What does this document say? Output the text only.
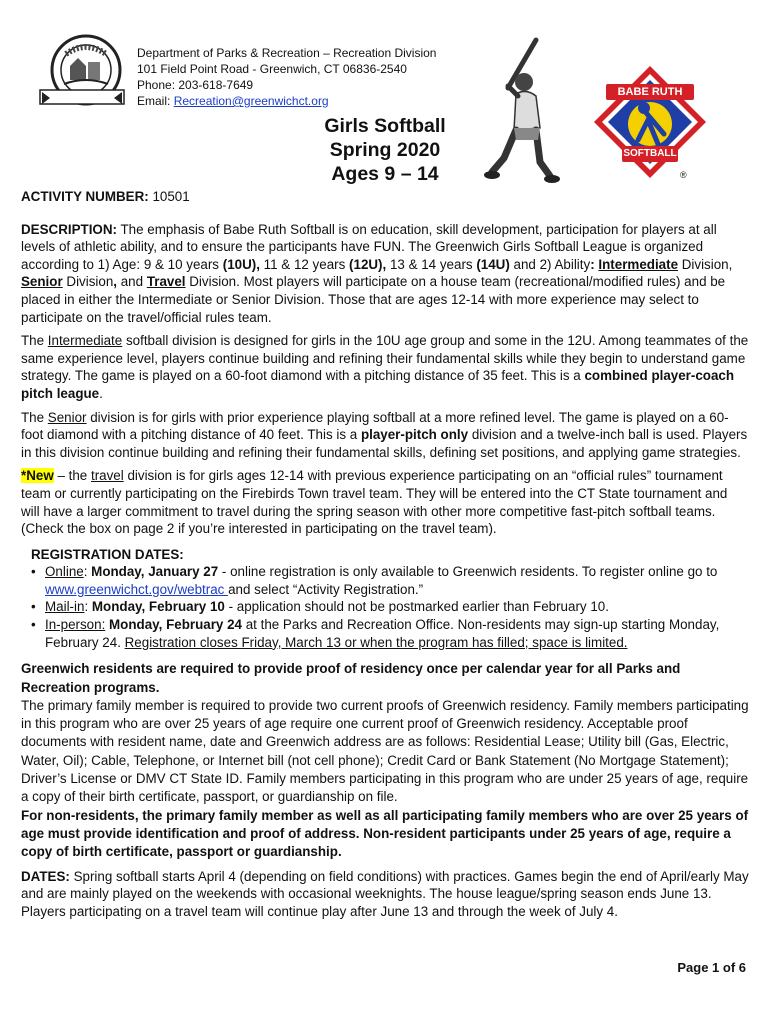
Department of Parks & Recreation – Recreation Division
101 Field Point Road - Greenwich, CT 06836-2540
Phone: 203-618-7649
Email: Recreation@greenwichct.org
Girls Softball
Spring 2020
Ages 9 – 14
BABE RUTH
SOFTBALL
®

ACTIVITY NUMBER: 10501

DESCRIPTION: The emphasis of Babe Ruth Softball is on education, skill development, participation for players at all levels of athletic ability, and to ensure the participants have FUN. The Greenwich Girls Softball League is organized according to 1) Age: 9 & 10 years (10U), 11 & 12 years (12U), 13 & 14 years (14U) and 2) Ability: Intermediate Division, Senior Division, and Travel Division. Most players will participate on a house team (recreational/modified rules) and be placed in either the Intermediate or Senior Division. Those that are ages 12-14 with more experience may select to participate on the travel/official rules team.

The Intermediate softball division is designed for girls in the 10U age group and some in the 12U. Among teammates of the same experience level, players continue building and refining their fundamental skills while they begin to understand game strategy. The game is played on a 60-foot diamond with a pitching distance of 35 feet. This is a combined player-coach pitch league.

The Senior division is for girls with prior experience playing softball at a more refined level. The game is played on a 60-foot diamond with a pitching distance of 40 feet. This is a player-pitch only division and a twelve-inch ball is used. Players in this division continue building and refining their fundamental skills, defining set positions, and applying game strategies.

*New – the travel division is for girls ages 12-14 with previous experience participating on an “official rules” tournament team or currently participating on the Firebirds Town travel team. They will be entered into the CT State tournament and will have a larger commitment to travel during the spring season with other more competitive fast-pitch softball teams. (Check the box on page 2 if you’re interested in participating on the travel team).

REGISTRATION DATES:
• Online: Monday, January 27 - online registration is only available to Greenwich residents. To register online go to www.greenwichct.gov/webtrac and select “Activity Registration.”
• Mail-in: Monday, February 10 - application should not be postmarked earlier than February 10.
• In-person: Monday, February 24 at the Parks and Recreation Office. Non-residents may sign-up starting Monday, February 24. Registration closes Friday, March 13 or when the program has filled; space is limited.

Greenwich residents are required to provide proof of residency once per calendar year for all Parks and Recreation programs.

The primary family member is required to provide two current proofs of Greenwich residency. Family members participating in this program who are over 25 years of age require one current proof of Greenwich residency. Acceptable proof documents with resident name, date and Greenwich address are as follows: Residential Lease; Utility bill (Gas, Electric, Water, Oil); Cable, Telephone, or Internet bill (not cell phone); Credit Card or Bank Statement (No Mortgage Statement); Driver’s License or DMV CT State ID. Family members participating in this program who are under 25 years of age, require a copy of their birth certificate, passport, or guardianship on file.

For non-residents, the primary family member as well as all participating family members who are over 25 years of age must provide identification and proof of address. Non-resident participants under 25 years of age, require a copy of birth certificate, passport or guardianship.

DATES: Spring softball starts April 4 (depending on field conditions) with practices. Games begin the end of April/early May and are mainly played on the weekends with occasional weeknights. The house league/spring season ends June 13. Players participating on a travel team will continue play after June 13 and through the week of July 4.

Page 1 of 6
